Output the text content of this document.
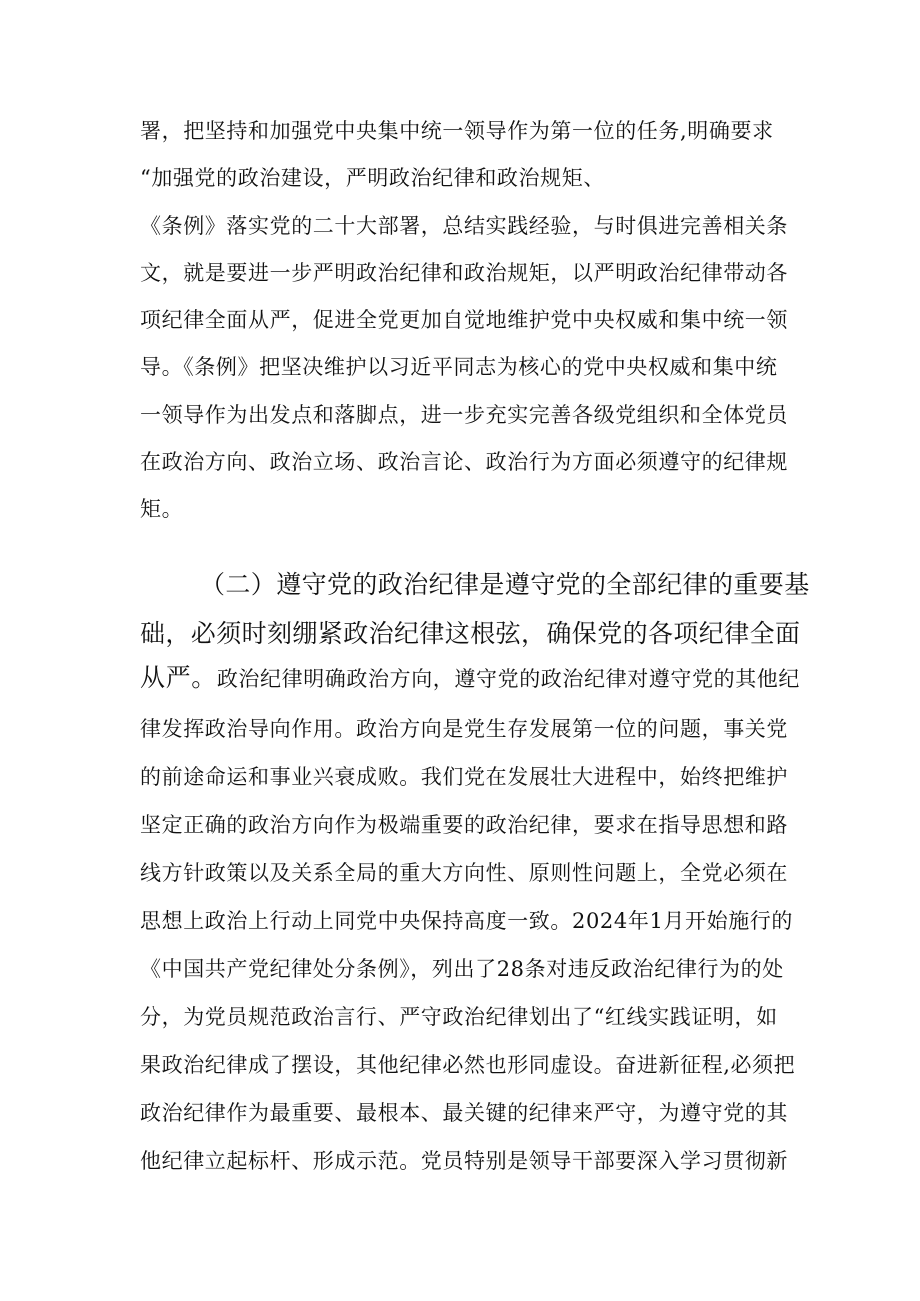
署，把坚持和加强党中央集中统一领导作为第一位的任务,明确要求
“加强党的政治建设，严明政治纪律和政治规矩、
《条例》落实党的二十大部署，总结实践经验，与时俱进完善相关条
文，就是要进一步严明政治纪律和政治规矩，以严明政治纪律带动各
项纪律全面从严，促进全党更加自觉地维护党中央权威和集中统一领
导。《条例》把坚决维护以习近平同志为核心的党中央权威和集中统
一领导作为出发点和落脚点，进一步充实完善各级党组织和全体党员
在政治方向、政治立场、政治言论、政治行为方面必须遵守的纪律规
矩。
（二）遵守党的政治纪律是遵守党的全部纪律的重要基
础，必须时刻绷紧政治纪律这根弦，确保党的各项纪律全面
从严。政治纪律明确政治方向，遵守党的政治纪律对遵守党的其他纪
律发挥政治导向作用。政治方向是党生存发展第一位的问题，事关党
的前途命运和事业兴衰成败。我们党在发展壮大进程中，始终把维护
坚定正确的政治方向作为极端重要的政治纪律，要求在指导思想和路
线方针政策以及关系全局的重大方向性、原则性问题上，全党必须在
思想上政治上行动上同党中央保持高度一致。2024年1月开始施行的
《中国共产党纪律处分条例》，列出了28条对违反政治纪律行为的处
分，为党员规范政治言行、严守政治纪律划出了“红线实践证明，如
果政治纪律成了摆设，其他纪律必然也形同虚设。奋进新征程,必须把
政治纪律作为最重要、最根本、最关键的纪律来严守，为遵守党的其
他纪律立起标杆、形成示范。党员特别是领导干部要深入学习贯彻新
